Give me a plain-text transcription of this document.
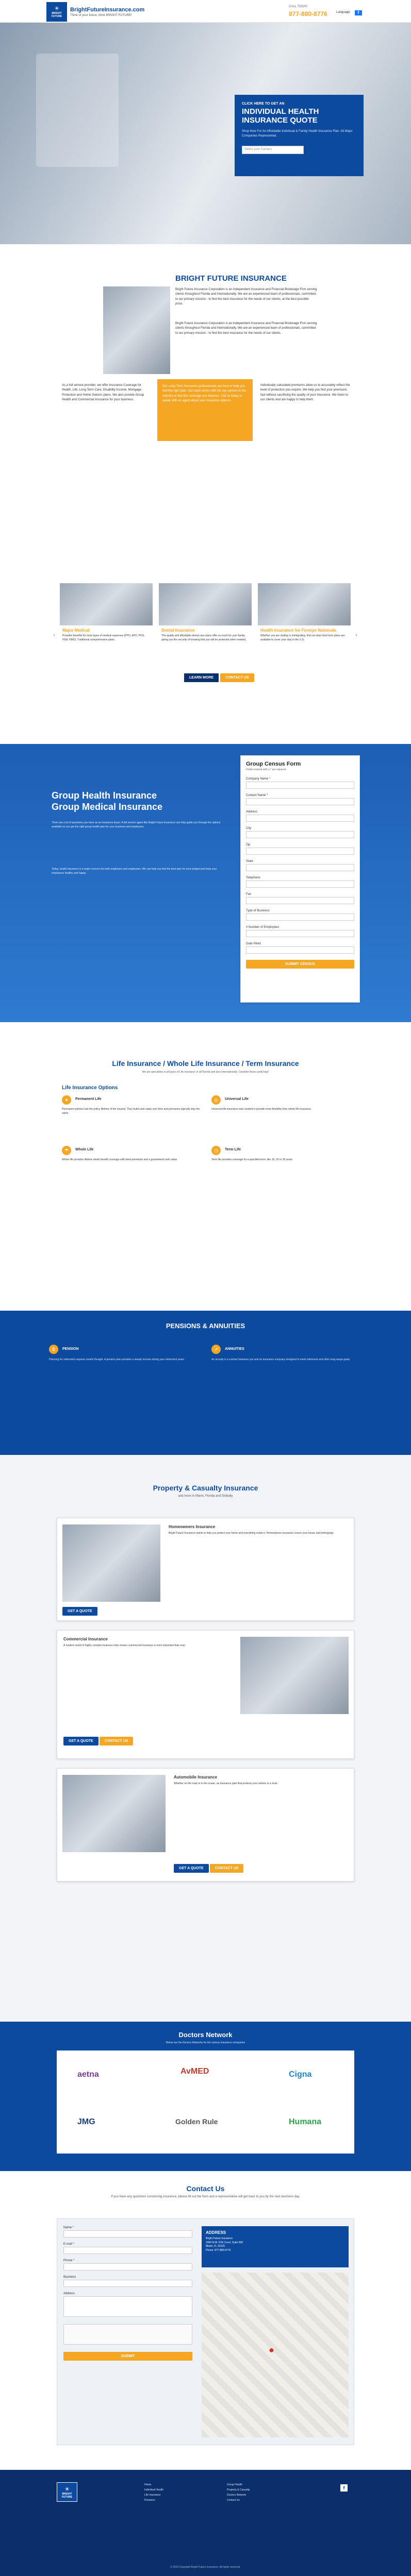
☀
BRIGHT FUTURE
BrightFutureInsurance.com
Think of your future, think BRIGHT FUTURE!
CALL TODAY
877-880-8776	Language	f
CLICK HERE TO GET AN
INDIVIDUAL HEALTH INSURANCE QUOTE
Shop Now For An Affordable Individual & Family Health Insurance Plan. All Major Companies Represented.
Select your Carriers
BRIGHT FUTURE INSURANCE
Bright Future Insurance Corporation is an Independent Insurance and Financial Brokerage Firm serving clients throughout Florida and Internationally. We are an experienced team of professionals, committed to our primary mission - to find the best insurance for the needs of our clients, at the best possible price.
Bright Future Insurance Corporation is an Independent Insurance and Financial Brokerage Firm serving clients throughout Florida and Internationally. We are an experienced team of professionals, committed to our primary mission - to find the best insurance for the needs of our clients.
As a full service provider, we offer Insurance Coverage for Health, Life, Long Term Care, Disability Income, Mortgage Protection and Home Owners plans. We also provide Group Health and Commercial Insurance for your business.
Our Long Term Insurance professionals are here to help you find the right plan. Our team works with the top carriers in the industry to find the coverage you deserve. Call us today to speak with an agent about your insurance options.
Individually calculated premiums allow us to accurately reflect the level of protection you require. We help you find your premiums fast without sacrificing the quality of your insurance. We listen to our clients and are happy to help them.
INDIVIDUAL HEALTH & INDIVIDUAL MEDICAL INSURANCE
Health Options
Coverage options include
‹	›
Major Medical
Provides benefits for most types of medical expenses (PPO, EPO, POS, HSA, HMO). Traditional comprehensive plans.
Dental Insurance
The quality and affordable dental care plans offer so much for your family, giving you the security of knowing that you will be protected when needed.
Health Insurance for Foreign Nationals
Whether you are visiting or immigrating, find out what short term plans are available to cover your stay in the U.S.
LEARN MORE	CONTACT US
Group Health Insurance
Group Medical Insurance
There are a lot of questions you have as an insurance buyer. A full service agent like Bright Future Insurance can help guide you through the options available so you get the right group health plan for your business and employees.
Today, health insurance is a major concern for both employers and employees. We can help you find the best plan for your budget and keep your employees healthy and happy.
Group Census Form
Fields marked with a * are required
Company Name *
Contact Name *
Address
City
Zip
State
Telephone
Fax
Type of Business
# Number of Employees
Date Hired
SUBMIT CENSUS
Life Insurance / Whole Life Insurance / Term Insurance
We are specialists in all types of Life insurance in all Florida and also internationally. Consider these useful tips!
Life Insurance Options
♥	Permanent Life
Permanent policies last the policy lifetime of the insured. They build cash value over time and premiums typically stay the same.
◎	Universal Life
Universal life insurance was created to provide more flexibility than whole life insurance.
☂	Whole Life
Whole life provides lifetime death benefit coverage with fixed premiums and a guaranteed cash value.
◷	Term Life
Term life provides coverage for a specified term, like 10, 20 or 30 years.
PENSIONS & ANNUITIES
$	PENSION
Planning for retirement requires careful thought. A pension plan provides a steady income during your retirement years.
↗	ANNUITIES
An annuity is a contract between you and an insurance company designed to meet retirement and other long-range goals.
Property & Casualty Insurance
and more in Miami, Florida and Globally
Homeowners Insurance
Bright Future Insurance wants to help you protect your home and everything inside it. Homeowners insurance covers your house and belongings.
GET A QUOTE
Commercial Insurance
A modern world of highly complex business risks means commercial insurance is more important than ever.
GET A QUOTE	CONTACT US
Automobile Insurance
Whether on the road or in the ocean, an insurance plan that protects your vehicle is a must.
GET A QUOTE	CONTACT US
Doctors Network
Below are the Doctors Networks for the various insurance companies
aetna	AvMED	Cigna
JMG	Golden Rule	Humana
Contact Us
If you have any questions concerning insurance, please fill out the form and a representative will get back to you by the next business day.
Name *
E-mail *
Phone *
Business
Address
SUBMIT
ADDRESS
Bright Future Insurance
1000 N.W. 57th Court, Suite 590
Miami, FL 33126
Phone: 877-880-8776
●
☀
BRIGHT FUTURE
Home
Individual Health
Life Insurance
Pensions
Group Health
Property & Casualty
Doctors Network
Contact Us
f
© 2019 Copyright Bright Future Insurance. All rights reserved.
